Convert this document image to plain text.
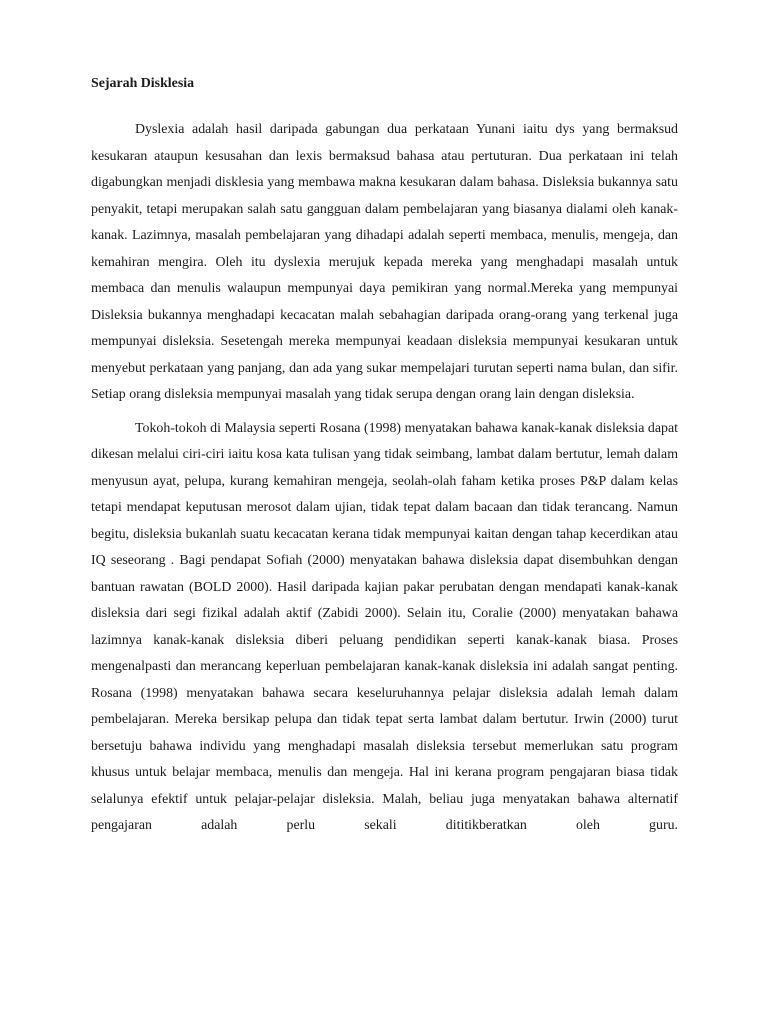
Sejarah Disklesia

Dyslexia adalah hasil daripada gabungan dua perkataan Yunani iaitu dys yang bermaksud kesukaran ataupun kesusahan dan lexis bermaksud bahasa atau pertuturan. Dua perkataan ini telah digabungkan menjadi disklesia yang membawa makna kesukaran dalam bahasa. Disleksia bukannya satu penyakit, tetapi merupakan salah satu gangguan dalam pembelajaran yang biasanya dialami oleh kanak-kanak. Lazimnya, masalah pembelajaran yang dihadapi adalah seperti membaca, menulis, mengeja, dan kemahiran mengira. Oleh itu dyslexia merujuk kepada mereka yang menghadapi masalah untuk membaca dan menulis walaupun mempunyai daya pemikiran yang normal.Mereka yang mempunyai Disleksia bukannya menghadapi kecacatan malah sebahagian daripada orang-orang yang terkenal juga mempunyai disleksia. Sesetengah mereka mempunyai keadaan disleksia mempunyai kesukaran untuk menyebut perkataan yang panjang, dan ada yang sukar mempelajari turutan seperti nama bulan, dan sifir. Setiap orang disleksia mempunyai masalah yang tidak serupa dengan orang lain dengan disleksia.

Tokoh-tokoh di Malaysia seperti Rosana (1998) menyatakan bahawa kanak-kanak disleksia dapat dikesan melalui ciri-ciri iaitu kosa kata tulisan yang tidak seimbang, lambat dalam bertutur, lemah dalam menyusun ayat, pelupa, kurang kemahiran mengeja, seolah-olah faham ketika proses P&P dalam kelas tetapi mendapat keputusan merosot dalam ujian, tidak tepat dalam bacaan dan tidak terancang. Namun begitu, disleksia bukanlah suatu kecacatan kerana tidak mempunyai kaitan dengan tahap kecerdikan atau IQ seseorang . Bagi pendapat Sofiah (2000) menyatakan bahawa disleksia dapat disembuhkan dengan bantuan rawatan (BOLD 2000). Hasil daripada kajian pakar perubatan dengan mendapati kanak-kanak disleksia dari segi fizikal adalah aktif (Zabidi 2000). Selain itu, Coralie (2000) menyatakan bahawa lazimnya kanak-kanak disleksia diberi peluang pendidikan seperti kanak-kanak biasa. Proses mengenalpasti dan merancang keperluan pembelajaran kanak-kanak disleksia ini adalah sangat penting. Rosana (1998) menyatakan bahawa secara keseluruhannya pelajar disleksia adalah lemah dalam pembelajaran. Mereka bersikap pelupa dan tidak tepat serta lambat dalam bertutur. Irwin (2000) turut bersetuju bahawa individu yang menghadapi masalah disleksia tersebut memerlukan satu program khusus untuk belajar membaca, menulis dan mengeja. Hal ini kerana program pengajaran biasa tidak selalunya efektif untuk pelajar-pelajar disleksia. Malah, beliau juga menyatakan bahawa alternatif pengajaran adalah perlu sekali dititikberatkan oleh guru.
